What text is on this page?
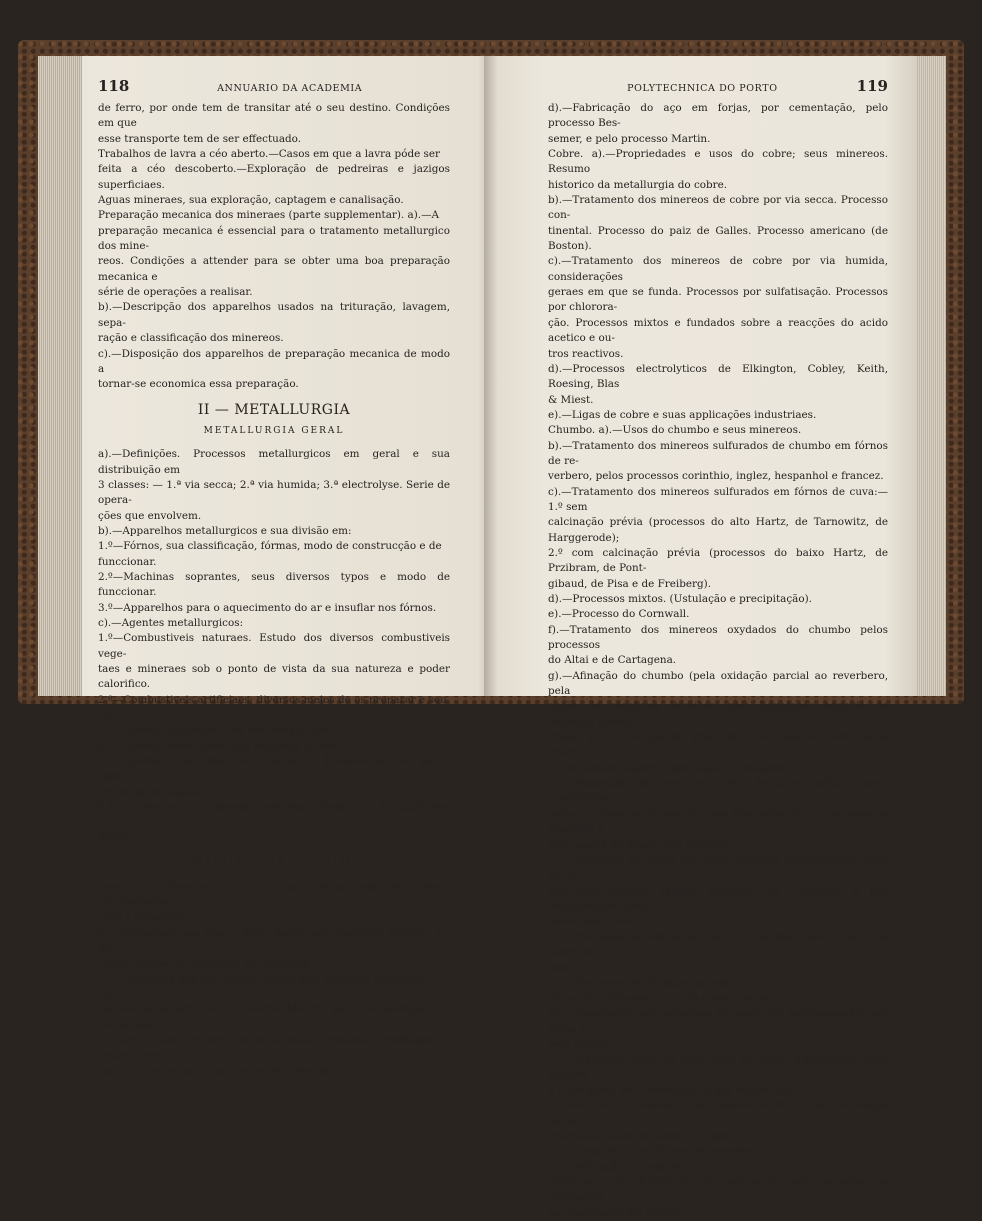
118	ANNUARIO DA ACADEMIA

de ferro, por onde tem de transitar até o seu destino. Condições em que

esse transporte tem de ser effectuado.

Trabalhos de lavra a céo aberto.—Casos em que a lavra póde ser

feita a céo descoberto.—Exploração de pedreiras e jazigos superficiaes.

Aguas mineraes, sua exploração, captagem e canalisação.

Preparação mecanica dos mineraes (parte supplementar). a).—A

preparação mecanica é essencial para o tratamento metallurgico dos mine-

reos. Condições a attender para se obter uma boa preparação mecanica e

série de operações a realisar.

b).—Descripção dos apparelhos usados na trituração, lavagem, sepa-

ração e classificação dos minereos.

c).—Disposição dos apparelhos de preparação mecanica de modo a

tornar-se economica essa preparação.

II — METALLURGIA
METALLURGIA GERAL

a).—Definições. Processos metallurgicos em geral e sua distribuição em

3 classes: — 1.ª via secca; 2.ª via humida; 3.ª electrolyse. Serie de opera-

ções que envolvem.

b).—Apparelhos metallurgicos e sua divisão em:

1.º—Fórnos, sua classificação, fórmas, modo de construcção e de

funccionar.

2.º—Machinas soprantes, seus diversos typos e modo de funccionar.

3.º—Apparelhos para o aquecimento do ar e insuflar nos fórnos.

c).—Agentes metallurgicos:

1.º—Combustiveis naturaes. Estudo dos diversos combustiveis vege-

taes e mineraes sob o ponto de vista da sua natureza e poder calorifico.

2.º—Combustiveis artificiaes; diversos meios de os preparar e seu

uso.

3.º—Agentes oxidantes, sua natureza e usos.

4.º—Agentes reductores, sua natureza e usos.

5.º—Agentes chlorantes, sulfurantes e dissolventes em geral; agen-

tes de gazeificação.

6.º—Fundentes; sua theoria e emprego. Productos da acção dos fun-

dentes.

METALLURGIA ESPECIAL

Ferro. a).—Resumo historico da metallurgia do ferro; propriedades,

usos e minereos.

b).—Processos que dão o ferro ductil pelo methodo directo: 1.º pro-

cesso catalão; 2.º processo de Finlandia.

c).—Processos que dão o ferro ductil pelo methodo indirecto:—1.º Fu-

são nos altos fórnos e sua theoria. Marcha geral da operação. 2.º Conversão

do ferro coado em ferro doce. Afinação franceza. Puddlagem a braço e me-

canica. Fórnos rotatorios de Danks e Pernot.

POLYTECHNICA DO PORTO	119

d).—Fabricação do aço em forjas, por cementação, pelo processo Bes-

semer, e pelo processo Martin.

Cobre. a).—Propriedades e usos do cobre; seus minereos. Resumo

historico da metallurgia do cobre.

b).—Tratamento dos minereos de cobre por via secca. Processo con-

tinental. Processo do paiz de Galles. Processo americano (de Boston).

c).—Tratamento dos minereos de cobre por via humida, considerações

geraes em que se funda. Processos por sulfatisação. Processos por chlorora-

ção. Processos mixtos e fundados sobre a reacções do acido acetico e ou-

tros reactivos.

d).—Processos electrolyticos de Elkington, Cobley, Keith, Roesing, Blas

& Miest.

e).—Ligas de cobre e suas applicações industriaes.

Chumbo. a).—Usos do chumbo e seus minereos.

b).—Tratamento dos minereos sulfurados de chumbo em fórnos de re-

verbero, pelos processos corinthio, inglez, hespanhol e francez.

c).—Tratamento dos minereos sulfurados em fórnos de cuva:—1.º sem

calcinação prévia (processos do alto Hartz, de Tarnowitz, de Harggerode);

2.º com calcinação prévia (processos do baixo Hartz, de Przibram, de Pont-

gibaud, de Pisa e de Freiberg).

d).—Processos mixtos. (Ustulação e precipitação).

e).—Processo do Cornwall.

f).—Tratamento dos minereos oxydados do chumbo pelos processos

do Altai e de Cartagena.

g).—Afinação do chumbo (pela oxidação parcial ao reverbero, pela

acção de reactivos chimicos, pela liquatação seguida de oxidação parcial).

Prata. a).—Extracção da prata dos chumbos de obra pelos proces-

sos de patinsonagem, copellação e zincagem.

b).—Separação da prata no cobre bruto e mattas cupro-argentiferas

(pelo processo de liquatação, pela amalgamação, e processos de Augustin e

Ziervogel e de dissolução directa).

c).—Extracção da prata dos seus minereos propriamente ditos por fu-

são com chumbo (antigo processo de Freiberg), e por amalgamação (euro-

pea e americana).

d).—Processos de extracção por via humida, taes como o de Joachims-

thal.

e).—Processos de afinação da prata.

Ouro. a).—Minereos de ouro e seus jasigos.

b).—Tratamento dos minereos de ouro por amalgamação, por fusão e

pelo chloro.

c).—Separação final do ouro pelo sulfureto d'antimonio, pelo enxofre

e lithargyrio, por cimentação e por inquartação.

Estanho. a).—Tratamento da cassiterite em fórnos de manga pelos

processos saxão, bohemio, e inglez.

b).—Tratamento em fórnos de reverbero.

c).—Refinação do estanho.

Antimonio. a).—Extracção do antimonio pelo processo da liquatação

em cadinhos e em fórnos.
